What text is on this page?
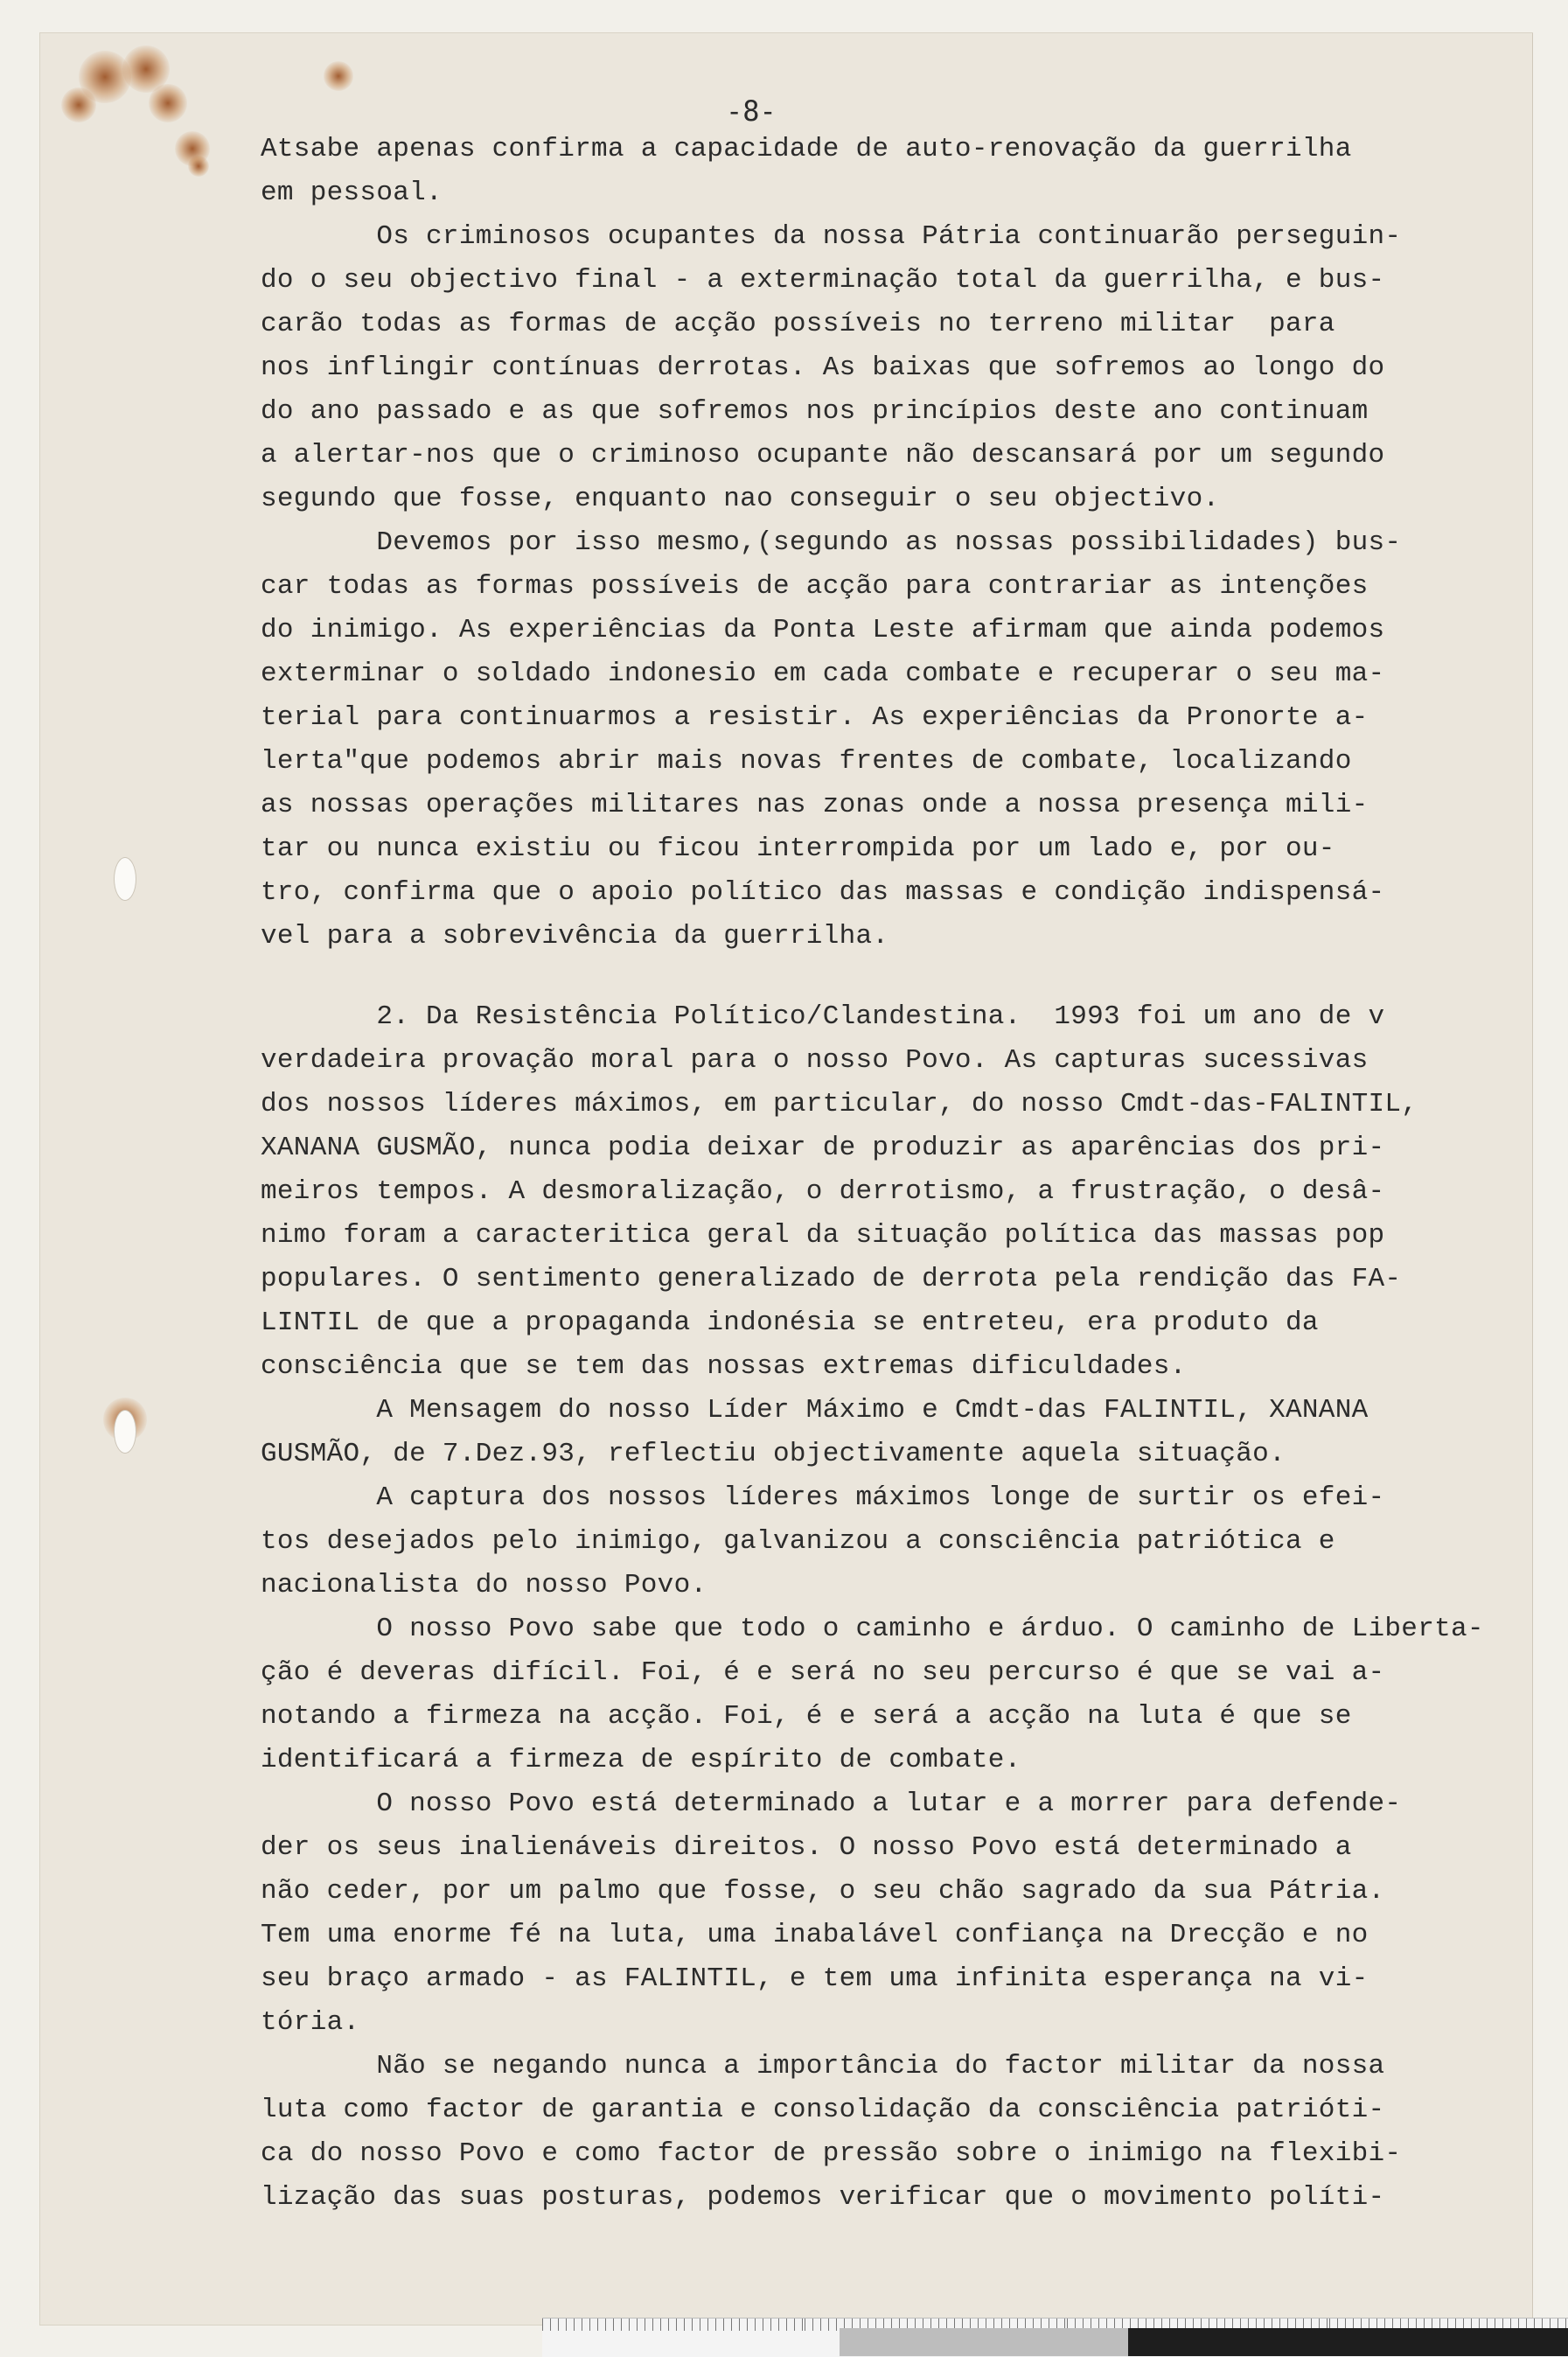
-8-
Atsabe apenas confirma a capacidade de auto-renovação da guerrilha
em pessoal.
Os criminosos ocupantes da nossa Pátria continuarão perseguin-
do o seu objectivo final - a exterminação total da guerrilha, e bus-
carão todas as formas de acção possíveis no terreno militar  para
nos inflingir contínuas derrotas. As baixas que sofremos ao longo do
do ano passado e as que sofremos nos princípios deste ano continuam
a alertar-nos que o criminoso ocupante não descansará por um segundo
segundo que fosse, enquanto nao conseguir o seu objectivo.
Devemos por isso mesmo,(segundo as nossas possibilidades) bus-
car todas as formas possíveis de acção para contrariar as intenções
do inimigo. As experiências da Ponta Leste afirmam que ainda podemos
exterminar o soldado indonesio em cada combate e recuperar o seu ma-
terial para continuarmos a resistir. As experiências da Pronorte a-
lerta"que podemos abrir mais novas frentes de combate, localizando
as nossas operações militares nas zonas onde a nossa presença mili-
tar ou nunca existiu ou ficou interrompida por um lado e, por ou-
tro, confirma que o apoio político das massas e condição indispensá-
vel para a sobrevivência da guerrilha.
2. Da Resistência Político/Clandestina.  1993 foi um ano de v
verdadeira provação moral para o nosso Povo. As capturas sucessivas
dos nossos líderes máximos, em particular, do nosso Cmdt-das-FALINTIL,
XANANA GUSMÃO, nunca podia deixar de produzir as aparências dos pri-
meiros tempos. A desmoralização, o derrotismo, a frustração, o desâ-
nimo foram a caracteritica geral da situação política das massas pop
populares. O sentimento generalizado de derrota pela rendição das FA-
LINTIL de que a propaganda indonésia se entreteu, era produto da
consciência que se tem das nossas extremas dificuldades.
A Mensagem do nosso Líder Máximo e Cmdt-das FALINTIL, XANANA
GUSMÃO, de 7.Dez.93, reflectiu objectivamente aquela situação.
A captura dos nossos líderes máximos longe de surtir os efei-
tos desejados pelo inimigo, galvanizou a consciência patriótica e
nacionalista do nosso Povo.
O nosso Povo sabe que todo o caminho e árduo. O caminho de Liberta-
ção é deveras difícil. Foi, é e será no seu percurso é que se vai a-
notando a firmeza na acção. Foi, é e será a acção na luta é que se
identificará a firmeza de espírito de combate.
O nosso Povo está determinado a lutar e a morrer para defende-
der os seus inalienáveis direitos. O nosso Povo está determinado a
não ceder, por um palmo que fosse, o seu chão sagrado da sua Pátria.
Tem uma enorme fé na luta, uma inabalável confiança na Drecção e no
seu braço armado - as FALINTIL, e tem uma infinita esperança na vi-
tória.
Não se negando nunca a importância do factor militar da nossa
luta como factor de garantia e consolidação da consciência patrióti-
ca do nosso Povo e como factor de pressão sobre o inimigo na flexibi-
lização das suas posturas, podemos verificar que o movimento políti-
